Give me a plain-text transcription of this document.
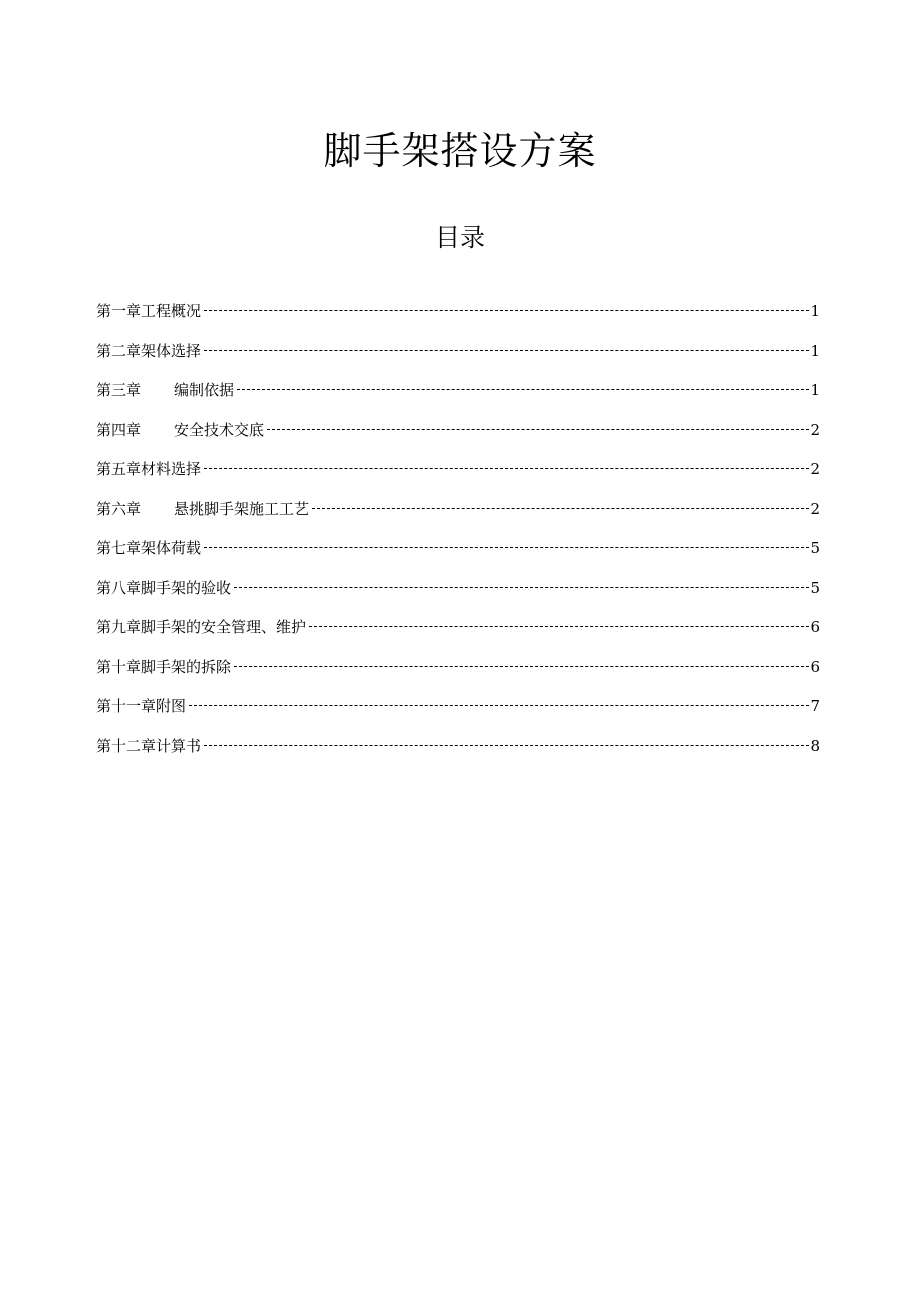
脚手架搭设方案
目录
第一章 工程概况	1
第二章 架体选择	1
第三章 编制依据	1
第四章 安全技术交底	2
第五章 材料选择	2
第六章 悬挑脚手架施工工艺	2
第七章 架体荷载	5
第八章 脚手架的验收	5
第九章 脚手架的安全管理、维护	6
第十章 脚手架的拆除	6
第十一章 附图	7
第十二章 计算书	8
